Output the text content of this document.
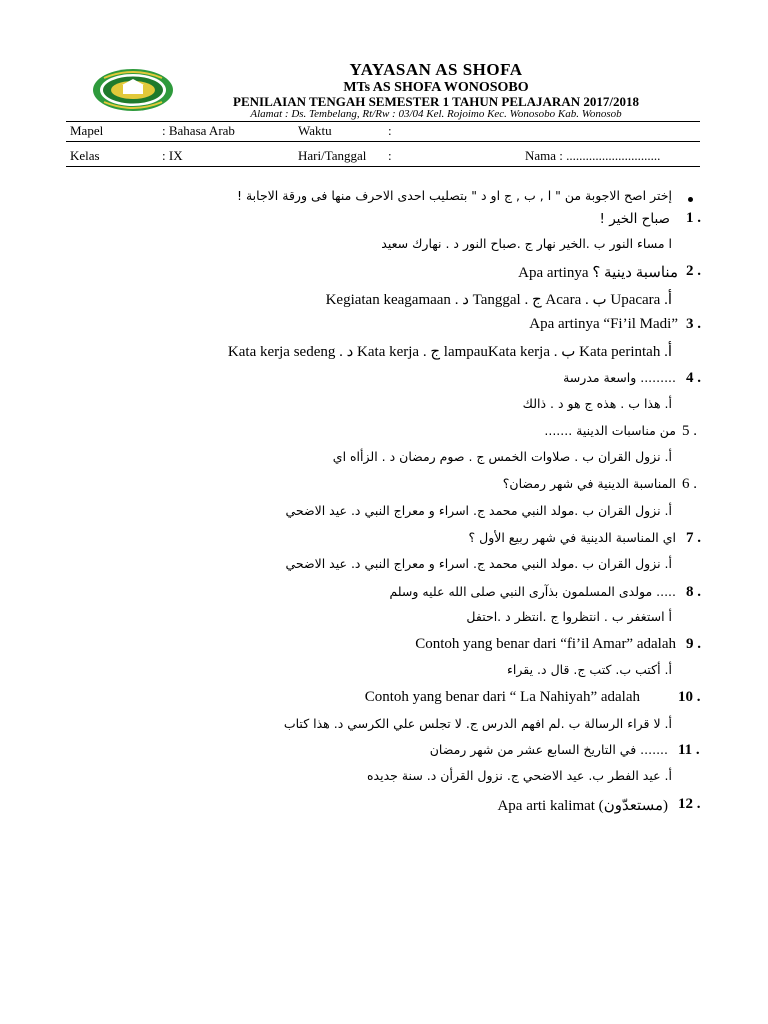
YAYASAN AS SHOFA
MTs AS SHOFA WONOSOBO
PENILAIAN TENGAH SEMESTER 1 TAHUN PELAJARAN 2017/2018
Alamat : Ds. Tembelang, Rt/Rw : 03/04 Kel. Rojoimo Kec. Wonosobo Kab. Wonosob
Mapel	: Bahasa Arab	Waktu	:
Kelas	: IX	Hari/Tanggal :	Nama : .............................
إختر اصح الاجوبة من " ا , ب , ج او د " بتصليب احدى الاحرف منها فى ورقة الاجابة !
1 .
صباح الخير !
ا مساء النور ب .الخير نهار ج .صباح النور د . نهارك سعيد
2 .
Apa artinya مناسبة دينية ؟
أ. Upacara ب . Acara ج . Tanggal د . Kegiatan keagamaan
3 .
Apa artinya “Fi’il Madi”
أ. Kata perintah ب . lampauKata kerja ج . Kata kerja د . Kata kerja sedeng
4 .
......... واسعة مدرسة
أ. هذا ب . هذه ج هو د . ذالك
5 .
من مناسبات الدينية .......
أ. نزول القران ب . صلاوات الخمس ج . صوم رمضان د . الزأاه اي
6 .
المناسبة الدينية في شهر رمضان؟
أ. نزول القران ب .مولد النبي محمد ج. اسراء و معراج النبي د. عيد الاضحي
7 .
اي المناسبة الدينية في شهر ربيع الأول ؟
أ. نزول القران ب .مولد النبي محمد ج. اسراء و معراج النبي د. عيد الاضحي
8 .
..... مولدى المسلمون بذآرى النبي صلى الله عليه وسلم
أ استغفر ب . انتظروا ج .انتظر د .احتفل
9 .
Contoh yang benar dari “fi’il Amar” adalah
أ. أكتب ب. كتب ج. قال د. يقراء
10 .
Contoh yang benar dari “ La Nahiyah” adalah
أ. لا قراء الرسالة ب .لم افهم الدرس ج. لا تجلس علي الكرسي د. هذا كتاب
11 .
....... في التاريخ السابع عشر من شهر رمضان
أ. عيد الفطر ب. عيد الاضحي ج. نزول القرأن د. سنة جديده
12 .
Apa arti kalimat (مستعدّون)
